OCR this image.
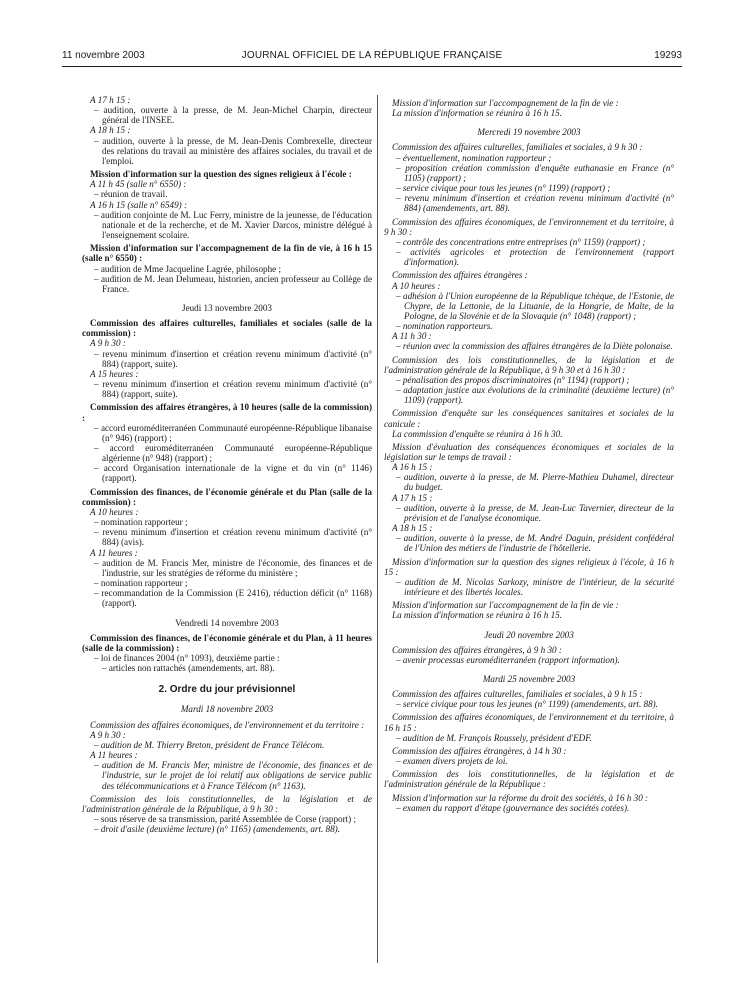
11 novembre 2003	JOURNAL OFFICIEL DE LA RÉPUBLIQUE FRANÇAISE	19293

A 17 h 15 :

– audition, ouverte à la presse, de M. Jean-Michel Charpin, directeur général de l'INSEE.

A 18 h 15 :

– audition, ouverte à la presse, de M. Jean-Denis Combrexelle, directeur des relations du travail au ministère des affaires sociales, du travail et de l'emploi.

Mission d'information sur la question des signes religieux à l'école :

A 11 h 45 (salle n° 6550) :

– réunion de travail.

A 16 h 15 (salle n° 6549) :

– audition conjointe de M. Luc Ferry, ministre de la jeunesse, de l'éducation nationale et de la recherche, et de M. Xavier Darcos, ministre délégué à l'enseignement scolaire.

Mission d'information sur l'accompagnement de la fin de vie, à 16 h 15 (salle n° 6550) :

– audition de Mme Jacqueline Lagrée, philosophe ;

– audition de M. Jean Delumeau, historien, ancien professeur au Collège de France.

Jeudi 13 novembre 2003

Commission des affaires culturelles, familiales et sociales (salle de la commission) :

A 9 h 30 :

– revenu minimum d'insertion et création revenu minimum d'activité (n° 884) (rapport, suite).

A 15 heures :

– revenu minimum d'insertion et création revenu minimum d'activité (n° 884) (rapport, suite).

Commission des affaires étrangères, à 10 heures (salle de la commission) :

– accord euroméditerranéen Communauté européenne-République libanaise (n° 946) (rapport) ;

– accord euroméditerranéen Communauté européenne-République algérienne (n° 948) (rapport) ;

– accord Organisation internationale de la vigne et du vin (n° 1146) (rapport).

Commission des finances, de l'économie générale et du Plan (salle de la commission) :

A 10 heures :

– nomination rapporteur ;

– revenu minimum d'insertion et création revenu minimum d'activité (n° 884) (avis).

A 11 heures :

– audition de M. Francis Mer, ministre de l'économie, des finances et de l'industrie, sur les stratégies de réforme du ministère ;

– nomination rapporteur ;

– recommandation de la Commission (E 2416), réduction déficit (n° 1168) (rapport).

Vendredi 14 novembre 2003

Commission des finances, de l'économie générale et du Plan, à 11 heures (salle de la commission) :

– loi de finances 2004 (n° 1093), deuxième partie :

– articles non rattachés (amendements, art. 88).

2. Ordre du jour prévisionnel

Mardi 18 novembre 2003

Commission des affaires économiques, de l'environnement et du territoire :

A 9 h 30 :

– audition de M. Thierry Breton, président de France Télécom.

A 11 heures :

– audition de M. Francis Mer, ministre de l'économie, des finances et de l'industrie, sur le projet de loi relatif aux obligations de service public des télécommunications et à France Télécom (n° 1163).

Commission des lois constitutionnelles, de la législation et de l'administration générale de la République, à 9 h 30 :

– sous réserve de sa transmission, parité Assemblée de Corse (rapport) ;

– droit d'asile (deuxième lecture) (n° 1165) (amendements, art. 88).

Mission d'information sur l'accompagnement de la fin de vie :

La mission d'information se réunira à 16 h 15.

Mercredi 19 novembre 2003

Commission des affaires culturelles, familiales et sociales, à 9 h 30 :

– éventuellement, nomination rapporteur ;

– proposition création commission d'enquête euthanasie en France (n° 1105) (rapport) ;

– service civique pour tous les jeunes (n° 1199) (rapport) ;

– revenu minimum d'insertion et création revenu minimum d'activité (n° 884) (amendements, art. 88).

Commission des affaires économiques, de l'environnement et du territoire, à 9 h 30 :

– contrôle des concentrations entre entreprises (n° 1159) (rapport) ;

– activités agricoles et protection de l'environnement (rapport d'information).

Commission des affaires étrangères :

A 10 heures :

– adhésion à l'Union européenne de la République tchèque, de l'Estonie, de Chypre, de la Lettonie, de la Lituanie, de la Hongrie, de Malte, de la Pologne, de la Slovénie et de la Slovaquie (n° 1048) (rapport) ;

– nomination rapporteurs.

A 11 h 30 :

– réunion avec la commission des affaires étrangères de la Diète polonaise.

Commission des lois constitutionnelles, de la législation et de l'administration générale de la République, à 9 h 30 et à 16 h 30 :

– pénalisation des propos discriminatoires (n° 1194) (rapport) ;

– adaptation justice aux évolutions de la criminalité (deuxième lecture) (n° 1109) (rapport).

Commission d'enquête sur les conséquences sanitaires et sociales de la canicule :

La commission d'enquête se réunira à 16 h 30.

Mission d'évaluation des conséquences économiques et sociales de la législation sur le temps de travail :

A 16 h 15 :

– audition, ouverte à la presse, de M. Pierre-Mathieu Duhamel, directeur du budget.

A 17 h 15 :

– audition, ouverte à la presse, de M. Jean-Luc Tavernier, directeur de la prévision et de l'analyse économique.

A 18 h 15 :

– audition, ouverte à la presse, de M. André Daguin, président confédéral de l'Union des métiers de l'industrie de l'hôtellerie.

Mission d'information sur la question des signes religieux à l'école, à 16 h 15 :

– audition de M. Nicolas Sarkozy, ministre de l'intérieur, de la sécurité intérieure et des libertés locales.

Mission d'information sur l'accompagnement de la fin de vie :

La mission d'information se réunira à 16 h 15.

Jeudi 20 novembre 2003

Commission des affaires étrangères, à 9 h 30 :

– avenir processus euroméditerranéen (rapport information).

Mardi 25 novembre 2003

Commission des affaires culturelles, familiales et sociales, à 9 h 15 :

– service civique pour tous les jeunes (n° 1199) (amendements, art. 88).

Commission des affaires économiques, de l'environnement et du territoire, à 16 h 15 :

– audition de M. François Roussely, président d'EDF.

Commission des affaires étrangères, à 14 h 30 :

– examen divers projets de loi.

Commission des lois constitutionnelles, de la législation et de l'administration générale de la République :

Mission d'information sur la réforme du droit des sociétés, à 16 h 30 :

– examen du rapport d'étape (gouvernance des sociétés cotées).
